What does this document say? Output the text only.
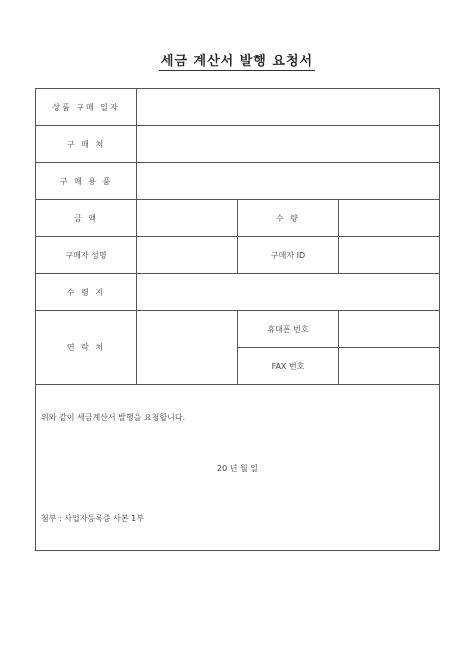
세금 계산서 발행 요청서
상품 구매 일자			
구 매 처			
구 매 용 품			
금 액		수 량	
구매자 성명		구매자 ID	
수 령 지			
연 락 처		휴대폰 번호	
		FAX 번호	

위와 같이 세금계산서 발행을 요청합니다.
20 년 월 일
첨부 : 사업자등록증 사본 1부			
